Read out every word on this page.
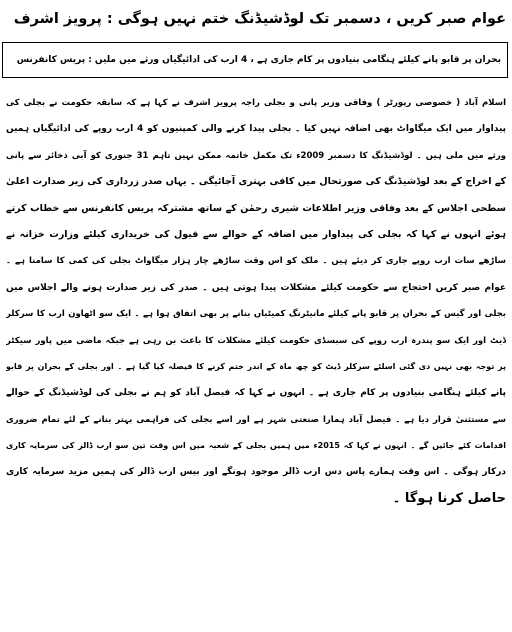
عوام صبر کریں ، دسمبر تک لوڈشیڈنگ ختم نہیں ہوگی : پرویز اشرف
بحران پر قابو پانے کیلئے ہنگامی بنیادوں پر کام جاری ہے ، 4 ارب کی ادائیگیاں ورثے میں ملیں : پریس کانفرنس
اسلام آباد ( خصوصی رپورٹر ) وفاقی وزیر پانی و بجلی راجہ پرویز اشرف نے کہا ہے کہ سابقہ حکومت نے بجلی کی
پیداوار میں ایک میگاواٹ بھی اضافہ نہیں کیا ۔ بجلی پیدا کرنے والی کمپنیوں کو 4 ارب روپے کی ادائیگیاں ہمیں
ورثے میں ملی ہیں ۔ لوڈشیڈنگ کا دسمبر 2009ء تک مکمل خاتمہ ممکن نہیں تاہم 31 جنوری کو آبی ذخائر سے پانی
کے اخراج کے بعد لوڈشیڈنگ کی صورتحال میں کافی بہتری آجائیگی ۔ یہاں صدر زرداری کی زیر صدارت اعلیٰ
سطحی اجلاس کے بعد وفاقی وزیر اطلاعات شیری رحمٰن کے ساتھ مشترکہ پریس کانفرنس سے خطاب کرتے
ہوئے انہوں نے کہا کہ بجلی کی پیداوار میں اضافہ کے حوالے سے فیول کی خریداری کیلئے وزارت خزانہ نے
ساڑھے سات ارب روپے جاری کر دیئے ہیں ۔ ملک کو اس وقت ساڑھے چار ہزار میگاواٹ بجلی کی کمی کا سامنا ہے ۔
عوام صبر کریں احتجاج سے حکومت کیلئے مشکلات پیدا ہوتی ہیں ۔ صدر کی زیر صدارت ہونے والے اجلاس میں
بجلی اور گیس کے بحران پر قابو پانے کیلئے مانیٹرنگ کمیٹیاں بنانے پر بھی اتفاق ہوا ہے ۔ ایک سو اٹھاون ارب کا سرکلر
ڈیٹ اور ایک سو پندرہ ارب روپے کی سبسڈی حکومت کیلئے مشکلات کا باعث بن رہی ہے جبکہ ماضی میں پاور سیکٹر
پر توجہ بھی نہیں دی گئی اسلئے سرکلر ڈیٹ کو چھ ماہ کے اندر ختم کرنے کا فیصلہ کیا گیا ہے ۔ اور بجلی کے بحران پر قابو
پانے کیلئے ہنگامی بنیادوں پر کام جاری ہے ۔ انہوں نے کہا کہ فیصل آباد کو ہم نے بجلی کی لوڈشیڈنگ کے حوالے
سے مستثنیٰ قرار دیا ہے ۔ فیصل آباد ہمارا صنعتی شہر ہے اور اسے بجلی کی فراہمی بہتر بنانے کے لئے تمام ضروری
اقدامات کئے جائیں گے ۔ انہوں نے کہا کہ 2015ء میں ہمیں بجلی کے شعبہ میں اس وقت تین سو ارب ڈالر کی سرمایہ کاری
درکار ہوگی ۔ اس وقت ہمارے پاس دس ارب ڈالر موجود ہونگے اور بیس ارب ڈالر کی ہمیں مزید سرمایہ کاری
حاصل کرنا ہوگا ۔
